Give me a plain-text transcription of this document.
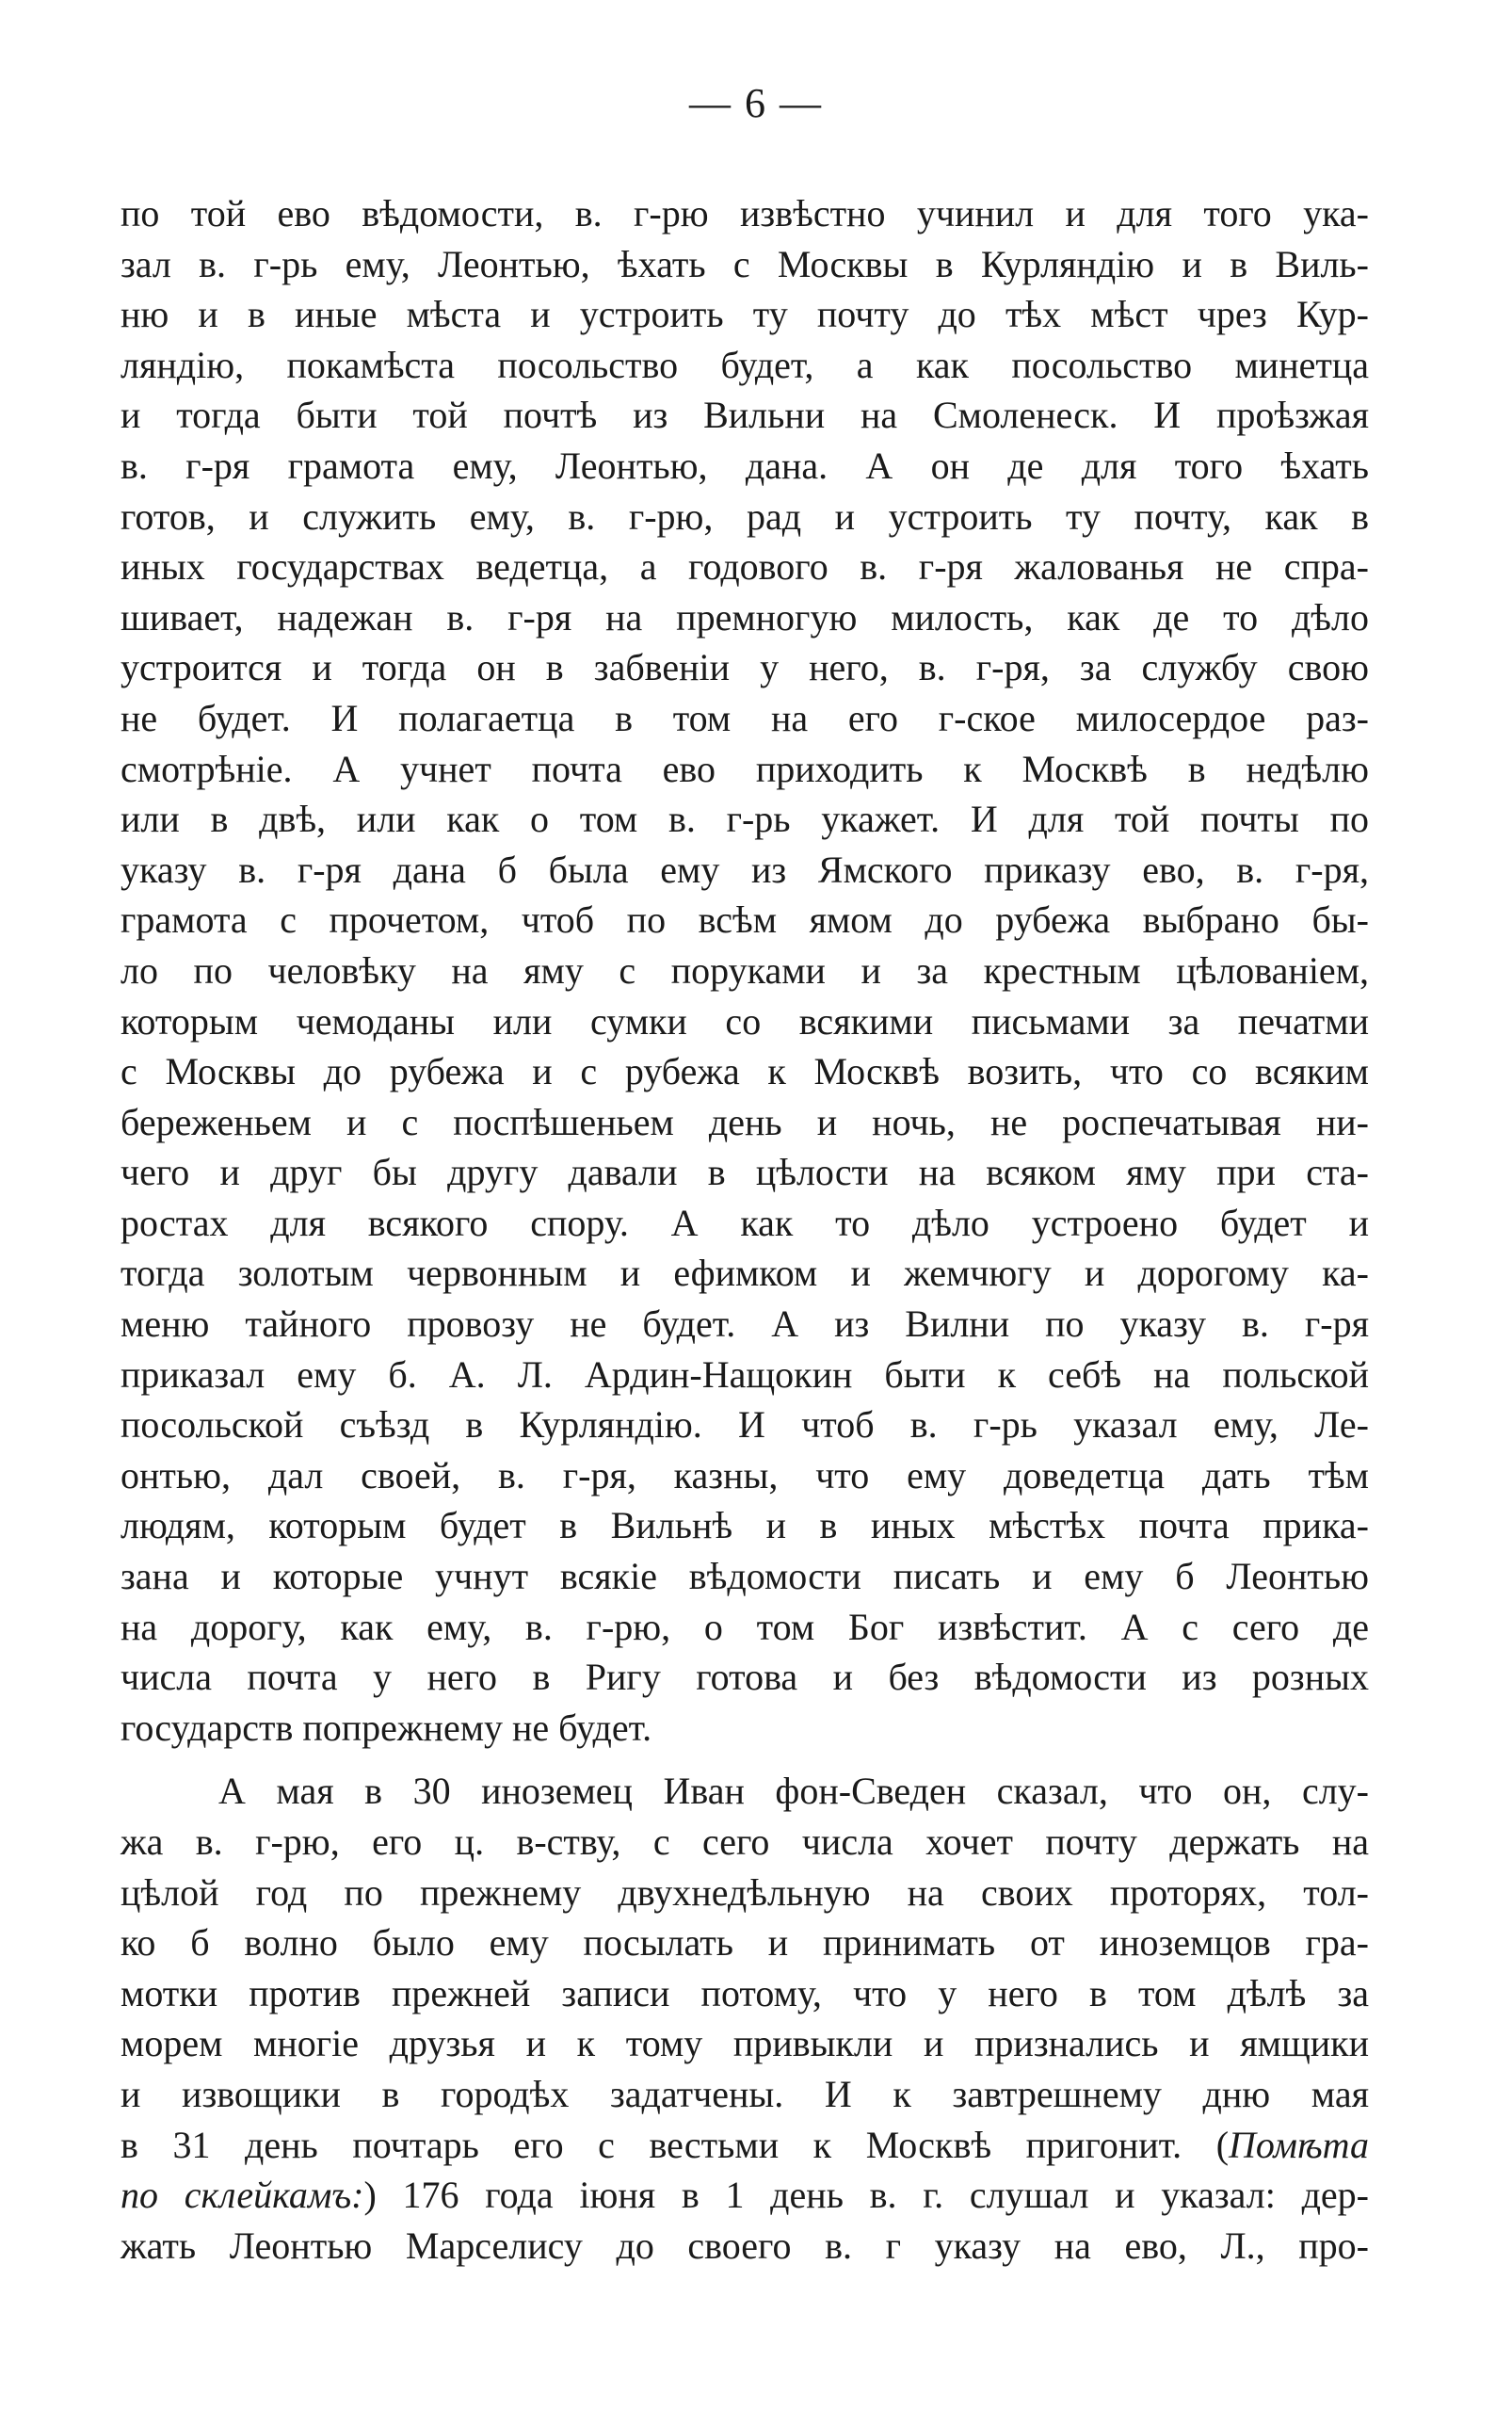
— 6 —
по той ево вѣдомости, в. г-рю извѣстно учинил и для того ука-
зал в. г-рь ему, Леонтью, ѣхать с Москвы в Курляндію и в Виль-
ню и в иные мѣста и устроить ту почту до тѣх мѣст чрез Кур-
ляндію, покамѣста посольство будет, а как посольство минетца
и тогда быти той почтѣ из Вильни на Смоленеск. И проѣзжая
в. г-ря грамота ему, Леонтью, дана. А он де для того ѣхать
готов, и служить ему, в. г-рю, рад и устроить ту почту, как в
иных государствах ведетца, а годового в. г-ря жалованья не спра-
шивает, надежан в. г-ря на премногую милость, как де то дѣло
устроится и тогда он в забвеніи у него, в. г-ря, за службу свою
не будет. И полагаетца в том на его г-ское милосердое раз-
смотрѣніе. А учнет почта ево приходить к Москвѣ в недѣлю
или в двѣ, или как о том в. г-рь укажет. И для той почты по
указу в. г-ря дана б была ему из Ямского приказу ево, в. г-ря,
грамота с прочетом, чтоб по всѣм ямом до рубежа выбрано бы-
ло по человѣку на яму с поруками и за крестным цѣлованіем,
которым чемоданы или сумки со всякими письмами за печатми
с Москвы до рубежа и с рубежа к Москвѣ возить, что со всяким
береженьем и с поспѣшеньем день и ночь, не роспечатывая ни-
чего и друг бы другу давали в цѣлости на всяком яму при ста-
ростах для всякого спору. А как то дѣло устроено будет и
тогда золотым червонным и ефимком и жемчюгу и дорогому ка-
меню тайного провозу не будет. А из Вилни по указу в. г-ря
приказал ему б. А. Л. Ардин-Нащокин быти к себѣ на польской
посольской съѣзд в Курляндію. И чтоб в. г-рь указал ему, Ле-
онтью, дал своей, в. г-ря, казны, что ему доведетца дать тѣм
людям, которым будет в Вильнѣ и в иных мѣстѣх почта прика-
зана и которые учнут всякіе вѣдомости писать и ему б Леонтью
на дорогу, как ему, в. г-рю, о том Бог извѣстит. А с сего де
числа почта у него в Ригу готова и без вѣдомости из розных
государств попрежнему не будет.
А мая в 30 иноземец Иван фон-Сведен сказал, что он, слу-
жа в. г-рю, его ц. в-ству, с сего числа хочет почту держать на
цѣлой год по прежнему двухнедѣльную на своих проторях, тол-
ко б волно было ему посылать и принимать от иноземцов гра-
мотки против прежней записи потому, что у него в том дѣлѣ за
морем многіе друзья и к тому привыкли и признались и ямщики
и извощики в городѣх задатчены. И к завтрешнему дню мая
в 31 день почтарь его с вестьми к Москвѣ пригонит. (Помѣта
по склейкамъ:) 176 года іюня в 1 день в. г. слушал и указал: дер-
жать Леонтью Марселису до своего в. г указу на ево, Л., про-
